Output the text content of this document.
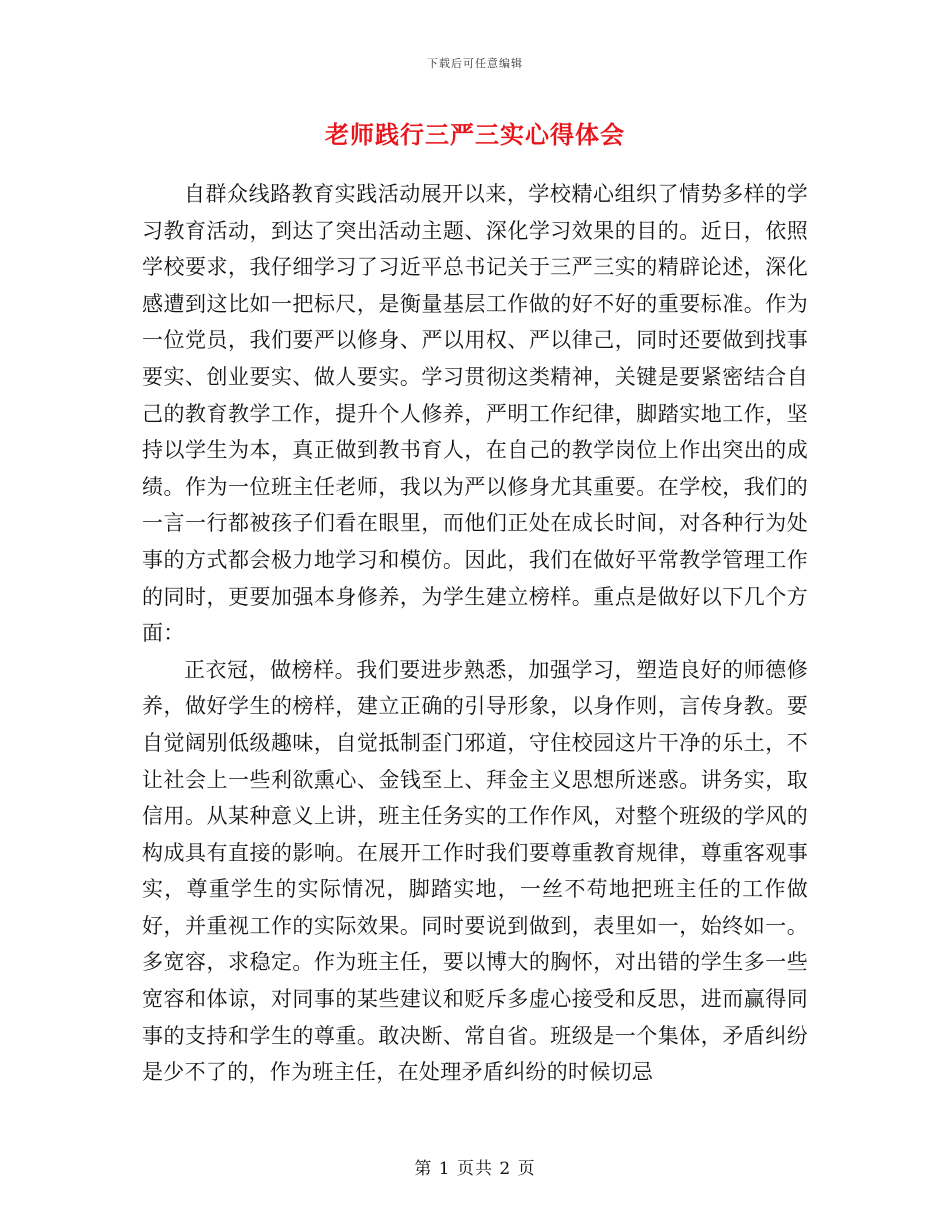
下载后可任意编辑
老师践行三严三实心得体会

自群众线路教育实践活动展开以来，学校精心组织了情势多样的学习教育活动，到达了突出活动主题、深化学习效果的目的。近日，依照学校要求，我仔细学习了习近平总书记关于三严三实的精辟论述，深化感遭到这比如一把标尺，是衡量基层工作做的好不好的重要标准。作为一位党员，我们要严以修身、严以用权、严以律己，同时还要做到找事要实、创业要实、做人要实。学习贯彻这类精神，关键是要紧密结合自己的教育教学工作，提升个人修养，严明工作纪律，脚踏实地工作，坚持以学生为本，真正做到教书育人，在自己的教学岗位上作出突出的成绩。作为一位班主任老师，我以为严以修身尤其重要。在学校，我们的一言一行都被孩子们看在眼里，而他们正处在成长时间，对各种行为处事的方式都会极力地学习和模仿。因此，我们在做好平常教学管理工作的同时，更要加强本身修养，为学生建立榜样。重点是做好以下几个方面：

正衣冠，做榜样。我们要进步熟悉，加强学习，塑造良好的师德修养，做好学生的榜样，建立正确的引导形象，以身作则，言传身教。要自觉阔别低级趣味，自觉抵制歪门邪道，守住校园这片干净的乐土，不让社会上一些利欲熏心、金钱至上、拜金主义思想所迷惑。讲务实，取信用。从某种意义上讲，班主任务实的工作作风，对整个班级的学风的构成具有直接的影响。在展开工作时我们要尊重教育规律，尊重客观事实，尊重学生的实际情况，脚踏实地，一丝不苟地把班主任的工作做好，并重视工作的实际效果。同时要说到做到，表里如一，始终如一。多宽容，求稳定。作为班主任，要以博大的胸怀，对出错的学生多一些宽容和体谅，对同事的某些建议和贬斥多虚心接受和反思，进而赢得同事的支持和学生的尊重。敢决断、常自省。班级是一个集体，矛盾纠纷是少不了的，作为班主任，在处理矛盾纠纷的时候切忌

第 1 页共 2 页
